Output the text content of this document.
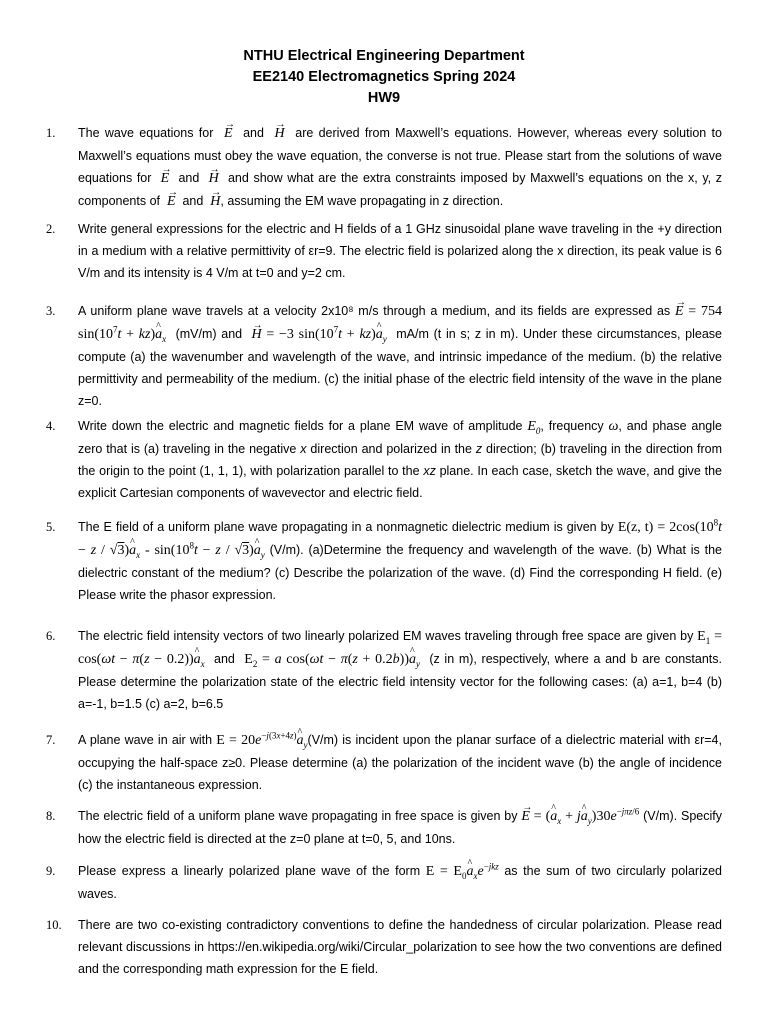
NTHU Electrical Engineering Department
EE2140 Electromagnetics Spring 2024
HW9
1. The wave equations for → E and → H are derived from Maxwell’s equations. However, whereas every solution to Maxwell’s equations must obey the wave equation, the converse is not true. Please start from the solutions of wave equations for → E and → H and show what are the extra constraints imposed by Maxwell’s equations on the x, y, z components of → E and → H, assuming the EM wave propagating in z direction.
2. Write general expressions for the electric and H fields of a 1 GHz sinusoidal plane wave traveling in the +y direction in a medium with a relative permittivity of εr=9. The electric field is polarized along the x direction, its peak value is 6 V/m and its intensity is 4 V/m at t=0 and y=2 cm.
3. A uniform plane wave travels at a velocity 2x10⁸ m/s through a medium, and its fields are expressed as → E = 754 $\sin(10^7t$ + kz)^ $a_x$ (mV/m) and → H = −3 $\sin(10^7t$ + kz)^ $a_y$ mA/m (t in s; z in m). Under these circumstances, please compute (a) the wavenumber and wavelength of the wave, and intrinsic impedance of the medium. (b) the relative permittivity and permeability of the medium. (c) the initial phase of the electric field intensity of the wave in the plane z=0.
4. Write down the electric and magnetic fields for a plane EM wave of amplitude $E_0$, frequency ω, and phase angle zero that is (a) traveling in the negative x direction and polarized in the z direction; (b) traveling in the direction from the origin to the point (1, 1, 1), with polarization parallel to the xz plane. In each case, sketch the wave, and give the explicit Cartesian components of wavevector and electric field.
5. The E field of a uniform plane wave propagating in a nonmagnetic dielectric medium is given by E(z, $t) = 2\cos(10^8t - z$ / √3)^ $a_x - \sin(10^8t - z$ / √3)^ $a_y$ (V/m). (a)Determine the frequency and wavelength of the wave. (b) What is the dielectric constant of the medium? (c) Describe the polarization of the wave. (d) Find the corresponding H field. (e) Please write the phasor expression.
6. The electric field intensity vectors of two linearly polarized EM waves traveling through free space are given by $E_1 = \cos(\omega t - \pi(z$ − 0.2))^ $a_x$ and $E_2 = a$ cos(ωt − π(z + 0.2b))^ $a_y$ (z in m), respectively, where a and b are constants. Please determine the polarization state of the electric field intensity vector for the following cases: (a) a=1, b=4 (b) a=-1, b=1.5 (c) a=2, b=6.5
7. A plane wave in air with $E = 20e^{-j(3x+4z)}\^{}$ $a_y(V/m)$ is incident upon the planar surface of a dielectric material with εr=4, occupying the half-space z≥0. Please determine (a) the polarization of the incident wave (b) the angle of incidence (c) the instantaneous expression.
8. The electric field of a uniform plane wave propagating in free space is given by → E = (^ $a_x$ + j^ $a_y)30e^{-j\pi z/6}$ (V/m). Specify how the electric field is directed at the z=0 plane at t=0, 5, and 10ns.
9. Please express a linearly polarized plane wave of the form $E = E_0\^{}$ $a_xe^{-jkz}$ as the sum of two circularly polarized waves.
10. There are two co-existing contradictory conventions to define the handedness of circular polarization. Please read relevant discussions in https://en.wikipedia.org/wiki/Circular_polarization to see how the two conventions are defined and the corresponding math expression for the E field.
